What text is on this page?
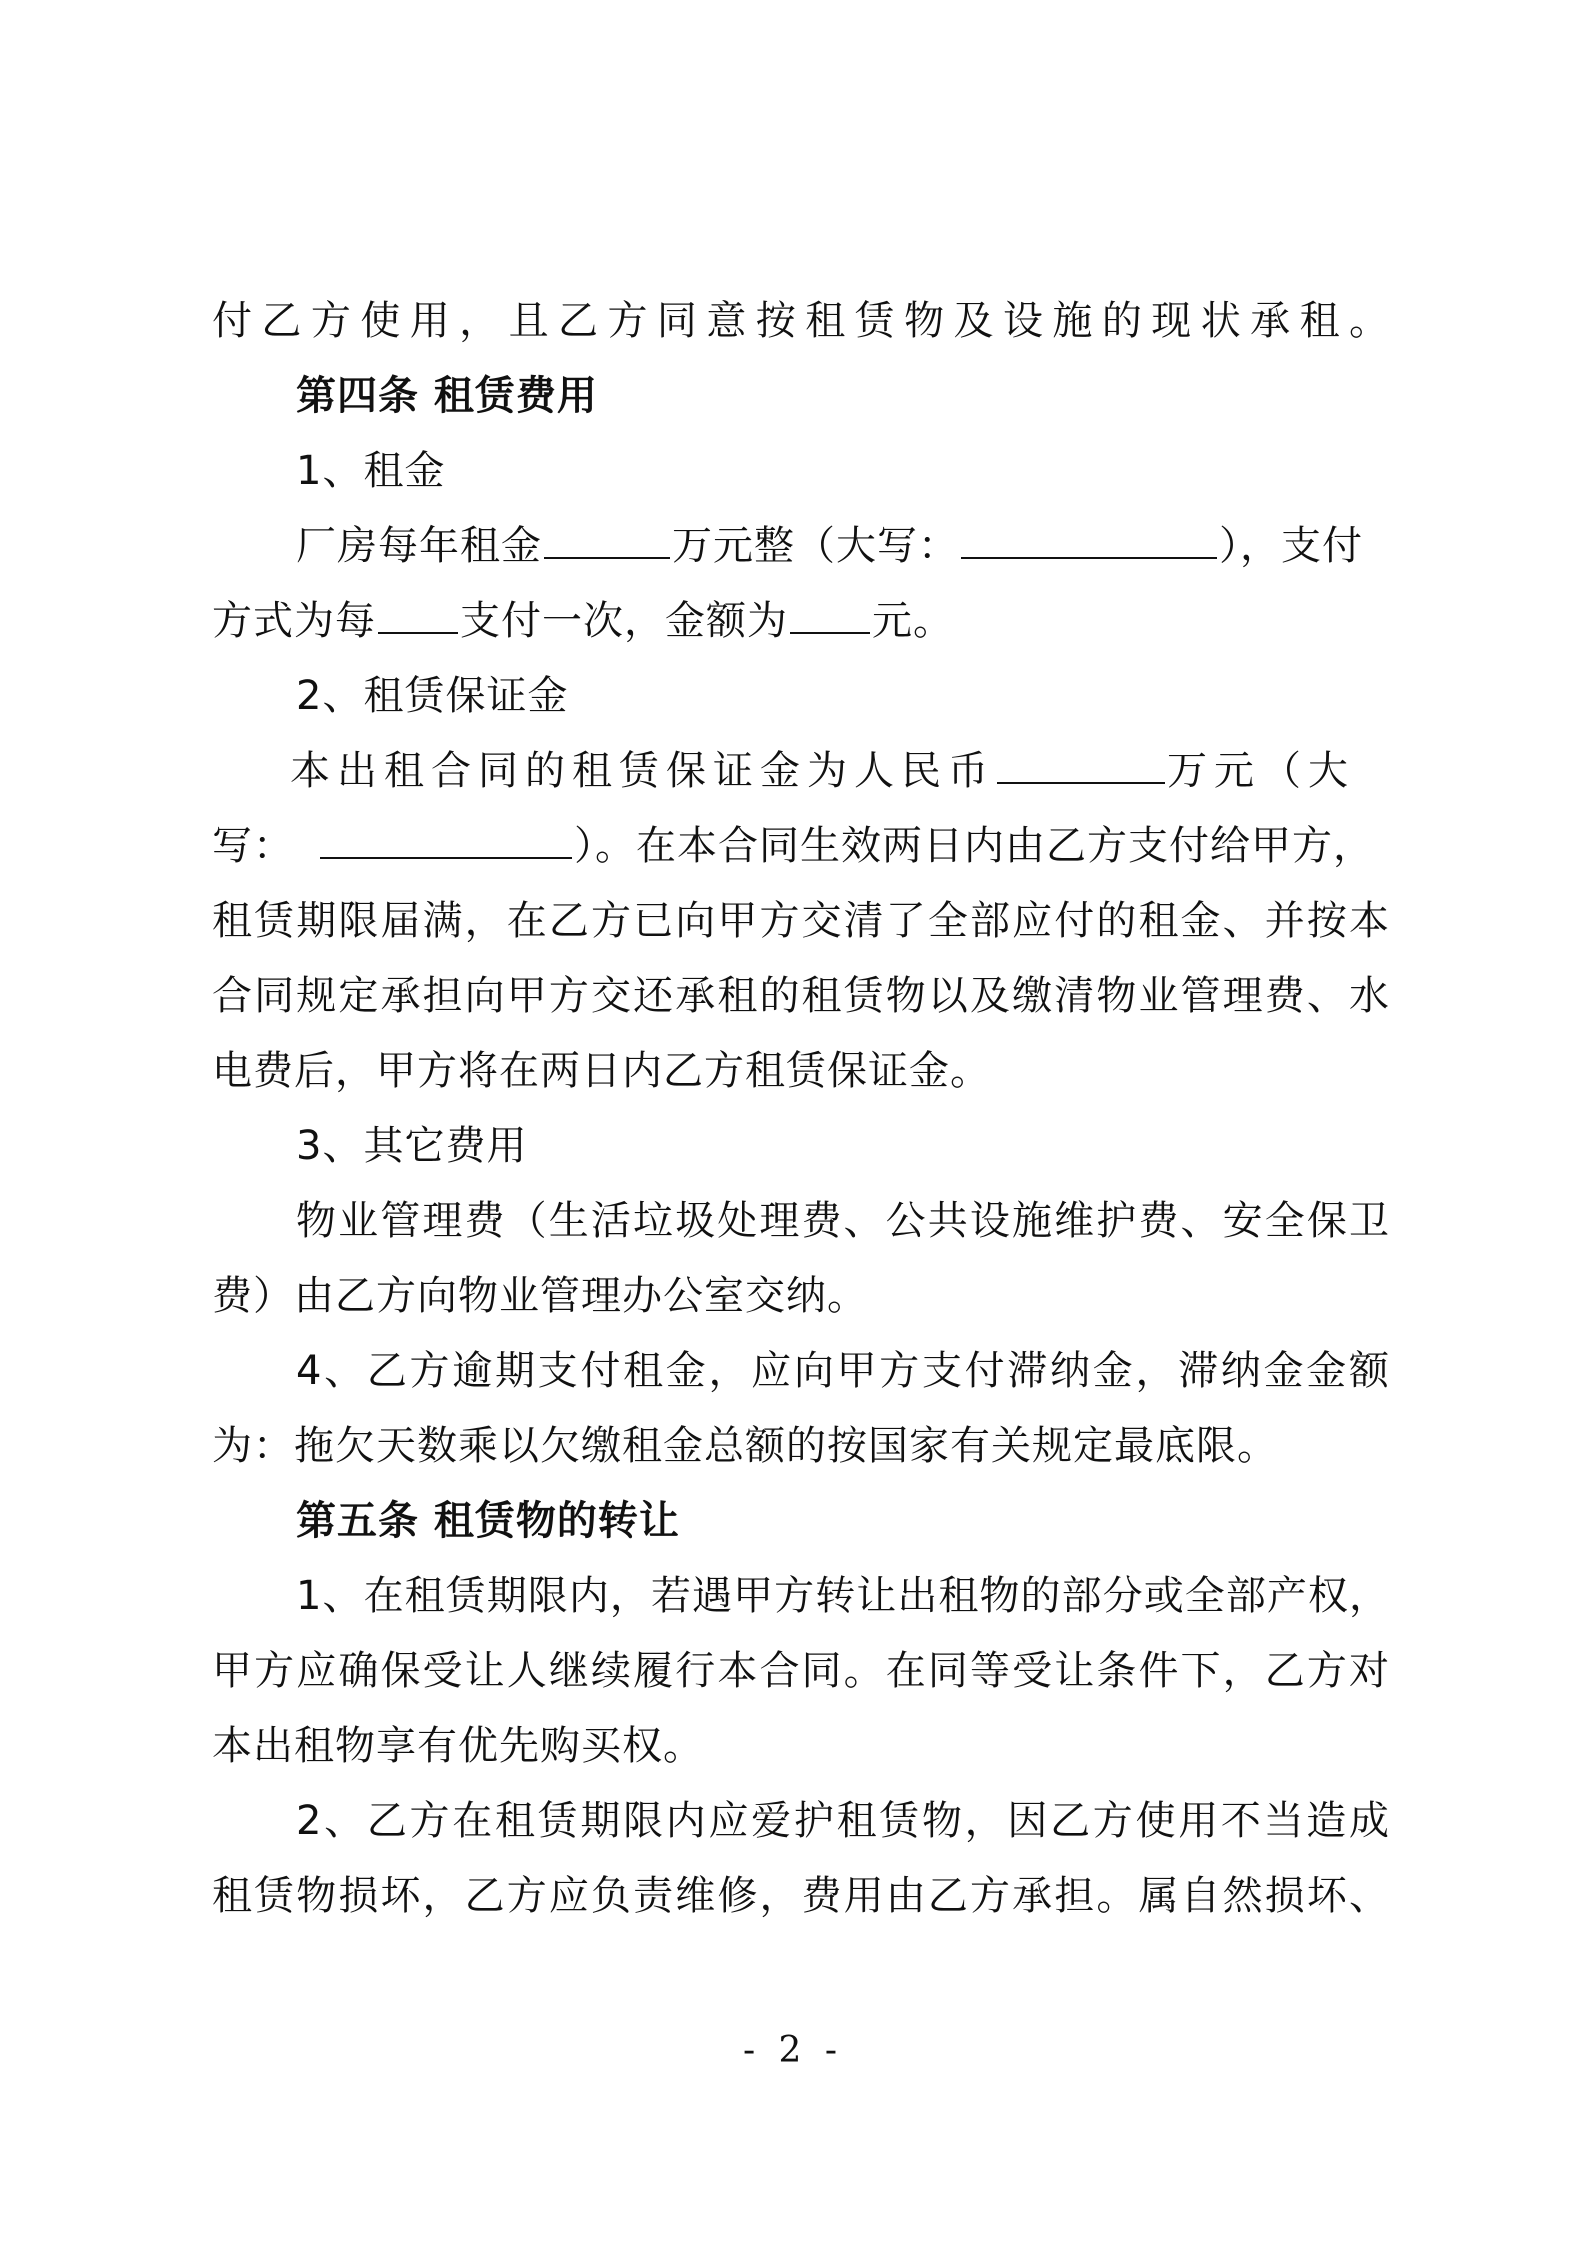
付乙方使用，且乙方同意按租赁物及设施的现状承租。
第四条 租赁费用
1、租金
厂房每年租金	万元整（大写：	），支付
方式为每 支付一次，金额为 元。
2、租赁保证金
本出租合同的租赁保证金为人民币	万元（大
写：	）。在本合同生效两日内由乙方支付给甲方，
租赁期限届满，在乙方已向甲方交清了全部应付的租金、并按本
合同规定承担向甲方交还承租的租赁物以及缴清物业管理费、水
电费后，甲方将在两日内乙方租赁保证金。
3、其它费用
物业管理费（生活垃圾处理费、公共设施维护费、安全保卫
费）由乙方向物业管理办公室交纳。
4、乙方逾期支付租金，应向甲方支付滞纳金，滞纳金金额
为：拖欠天数乘以欠缴租金总额的按国家有关规定最底限。
第五条 租赁物的转让
1、在租赁期限内，若遇甲方转让出租物的部分或全部产权，
甲方应确保受让人继续履行本合同。在同等受让条件下，乙方对
本出租物享有优先购买权。
2、乙方在租赁期限内应爱护租赁物，因乙方使用不当造成
租赁物损坏，乙方应负责维修，费用由乙方承担。属自然损坏、
- 2 -
